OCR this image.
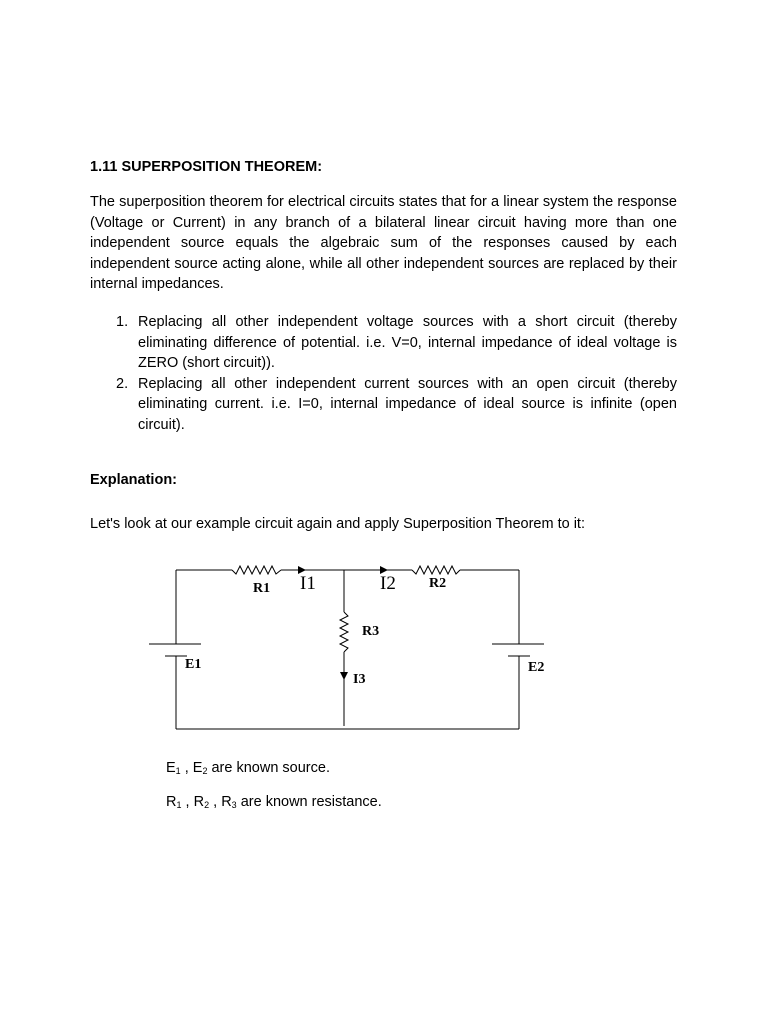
1.11 SUPERPOSITION THEOREM:

The superposition theorem for electrical circuits states that for a linear system the response (Voltage or Current) in any branch of a bilateral linear circuit having more than one independent source equals the algebraic sum of the responses caused by each independent source acting alone, while all other independent sources are replaced by their internal impedances.

1. Replacing all other independent voltage sources with a short circuit (thereby eliminating difference of potential. i.e. V=0, internal impedance of ideal voltage is ZERO (short circuit)).
2. Replacing all other independent current sources with an open circuit (thereby eliminating current. i.e. I=0, internal impedance of ideal source is infinite (open circuit).
Explanation:

Let's look at our example circuit again and apply Superposition Theorem to it:

R1 I1	I2 R2
R3
I3
E1	E2

$E_1$ , $E_2$ are known source.

$R_1$ , $R_2$ , $R_3$ are known resistance.
